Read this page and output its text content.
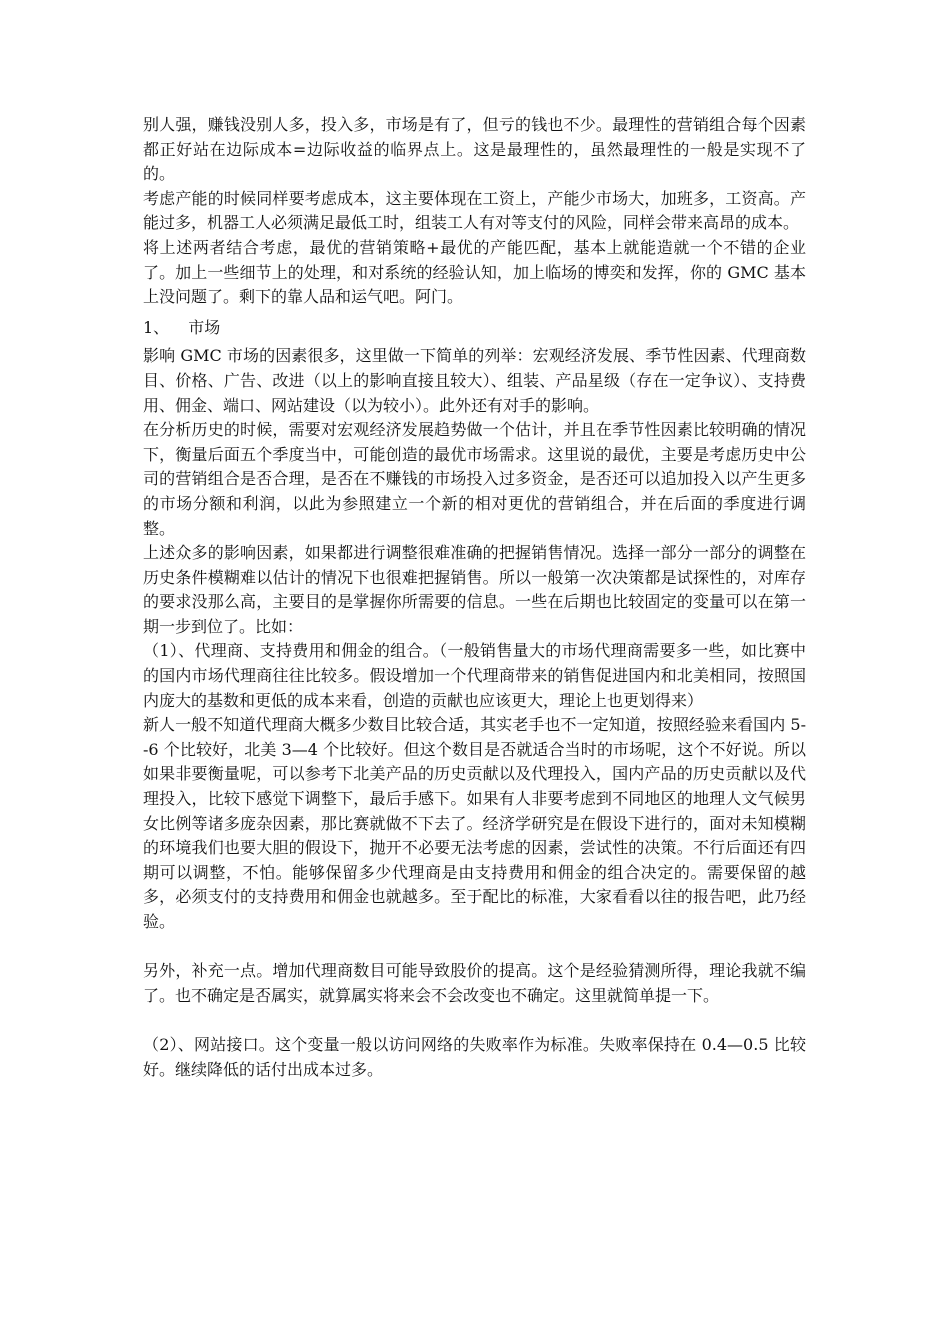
别人强，赚钱没别人多，投入多，市场是有了，但亏的钱也不少。最理性的营销组合每个因素都正好站在边际成本=边际收益的临界点上。这是最理性的，虽然最理性的一般是实现不了的。

考虑产能的时候同样要考虑成本，这主要体现在工资上，产能少市场大，加班多，工资高。产能过多，机器工人必须满足最低工时，组装工人有对等支付的风险，同样会带来高昂的成本。

将上述两者结合考虑，最优的营销策略+最优的产能匹配，基本上就能造就一个不错的企业了。加上一些细节上的处理，和对系统的经验认知，加上临场的博奕和发挥，你的 GMC 基本上没问题了。剩下的靠人品和运气吧。阿门。

1、 市场

影响 GMC 市场的因素很多，这里做一下简单的列举：宏观经济发展、季节性因素、代理商数目、价格、广告、改进（以上的影响直接且较大）、组装、产品星级（存在一定争议）、支持费用、佣金、端口、网站建设（以为较小）。此外还有对手的影响。

在分析历史的时候，需要对宏观经济发展趋势做一个估计，并且在季节性因素比较明确的情况下，衡量后面五个季度当中，可能创造的最优市场需求。这里说的最优，主要是考虑历史中公司的营销组合是否合理，是否在不赚钱的市场投入过多资金，是否还可以追加投入以产生更多的市场分额和利润，以此为参照建立一个新的相对更优的营销组合，并在后面的季度进行调整。

上述众多的影响因素，如果都进行调整很难准确的把握销售情况。选择一部分一部分的调整在历史条件模糊难以估计的情况下也很难把握销售。所以一般第一次决策都是试探性的，对库存的要求没那么高，主要目的是掌握你所需要的信息。一些在后期也比较固定的变量可以在第一期一步到位了。比如：

（1）、代理商、支持费用和佣金的组合。（一般销售量大的市场代理商需要多一些，如比赛中的国内市场代理商往往比较多。假设增加一个代理商带来的销售促进国内和北美相同，按照国内庞大的基数和更低的成本来看，创造的贡献也应该更大，理论上也更划得来）

新人一般不知道代理商大概多少数目比较合适，其实老手也不一定知道，按照经验来看国内 5--6 个比较好，北美 3—4 个比较好。但这个数目是否就适合当时的市场呢，这个不好说。所以如果非要衡量呢，可以参考下北美产品的历史贡献以及代理投入，国内产品的历史贡献以及代理投入，比较下感觉下调整下，最后手感下。如果有人非要考虑到不同地区的地理人文气候男女比例等诸多庞杂因素，那比赛就做不下去了。经济学研究是在假设下进行的，面对未知模糊的环境我们也要大胆的假设下，抛开不必要无法考虑的因素，尝试性的决策。不行后面还有四期可以调整，不怕。能够保留多少代理商是由支持费用和佣金的组合决定的。需要保留的越多，必须支付的支持费用和佣金也就越多。至于配比的标准，大家看看以往的报告吧，此乃经验。

另外，补充一点。增加代理商数目可能导致股价的提高。这个是经验猜测所得，理论我就不编了。也不确定是否属实，就算属实将来会不会改变也不确定。这里就简单提一下。

（2）、网站接口。这个变量一般以访问网络的失败率作为标准。失败率保持在 0.4—0.5 比较好。继续降低的话付出成本过多。
